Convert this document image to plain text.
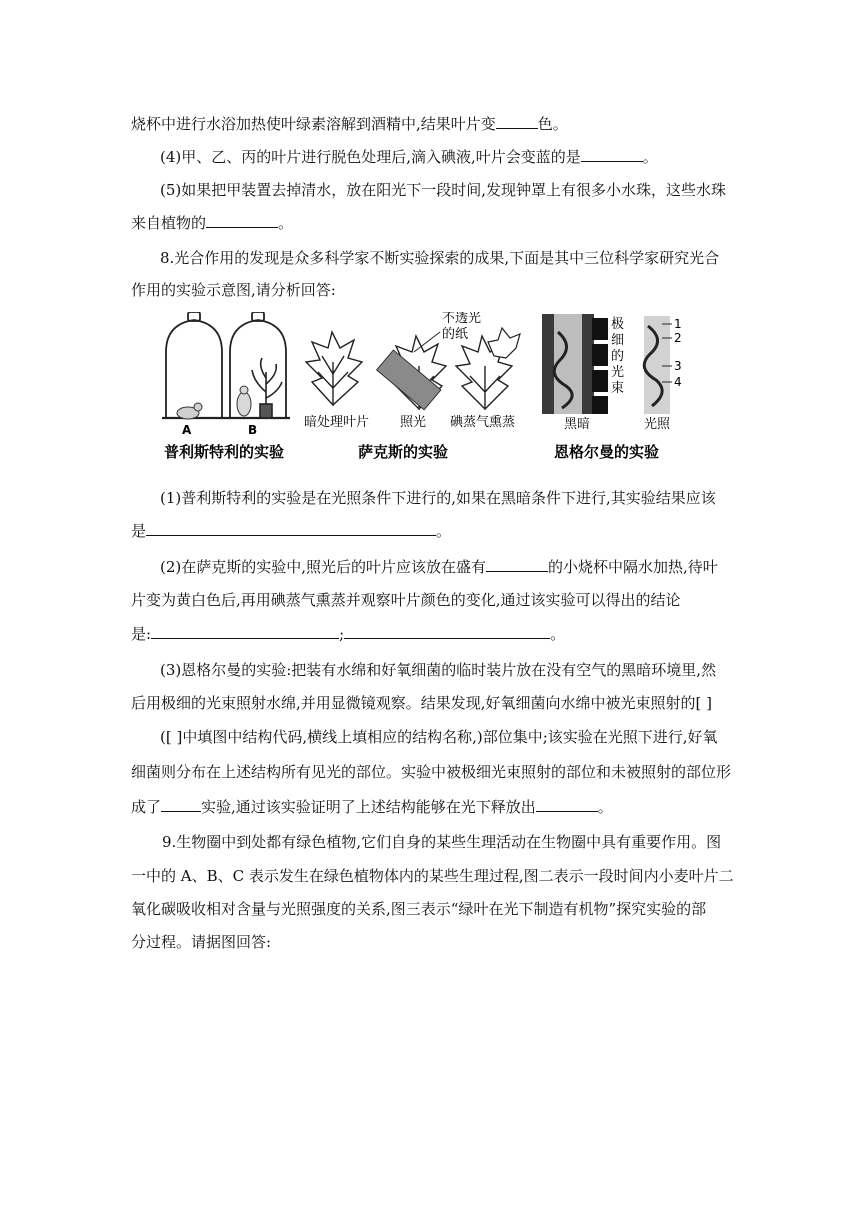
烧杯中进行水浴加热使叶绿素溶解到酒精中,结果叶片变	色。
(4)甲、乙、丙的叶片进行脱色处理后,滴入碘液,叶片会变蓝的是	。
(5)如果把甲装置去掉清水，放在阳光下一段时间,发现钟罩上有很多小水珠，这些水珠
来自植物的	。
8.光合作用的发现是众多科学家不断实验探索的成果,下面是其中三位科学家研究光合
作用的实验示意图,请分析回答:
A	B
普利斯特利的实验
不透光
的纸
暗处理叶片 照光 碘蒸气熏蒸
萨克斯的实验
极
细
的
光
束
1
2
3
4
黑暗	光照
恩格尔曼的实验
(1)普利斯特利的实验是在光照条件下进行的,如果在黑暗条件下进行,其实验结果应该
是	。
(2)在萨克斯的实验中,照光后的叶片应该放在盛有	的小烧杯中隔水加热,待叶
片变为黄白色后,再用碘蒸气熏蒸并观察叶片颜色的变化,通过该实验可以得出的结论
是:	;	。
(3)恩格尔曼的实验:把装有水绵和好氧细菌的临时装片放在没有空气的黑暗环境里,然
后用极细的光束照射水绵,并用显微镜观察。结果发现,好氧细菌向水绵中被光束照射的[ ]
([ ]中填图中结构代码,横线上填相应的结构名称,)部位集中;该实验在光照下进行,好氧
细菌则分布在上述结构所有见光的部位。实验中被极细光束照射的部位和未被照射的部位形
成了	实验,通过该实验证明了上述结构能够在光下释放出	。
9.生物圈中到处都有绿色植物,它们自身的某些生理活动在生物圈中具有重要作用。图
一中的 A、B、C 表示发生在绿色植物体内的某些生理过程,图二表示一段时间内小麦叶片二
氧化碳吸收相对含量与光照强度的关系,图三表示“绿叶在光下制造有机物”探究实验的部
分过程。请据图回答:
